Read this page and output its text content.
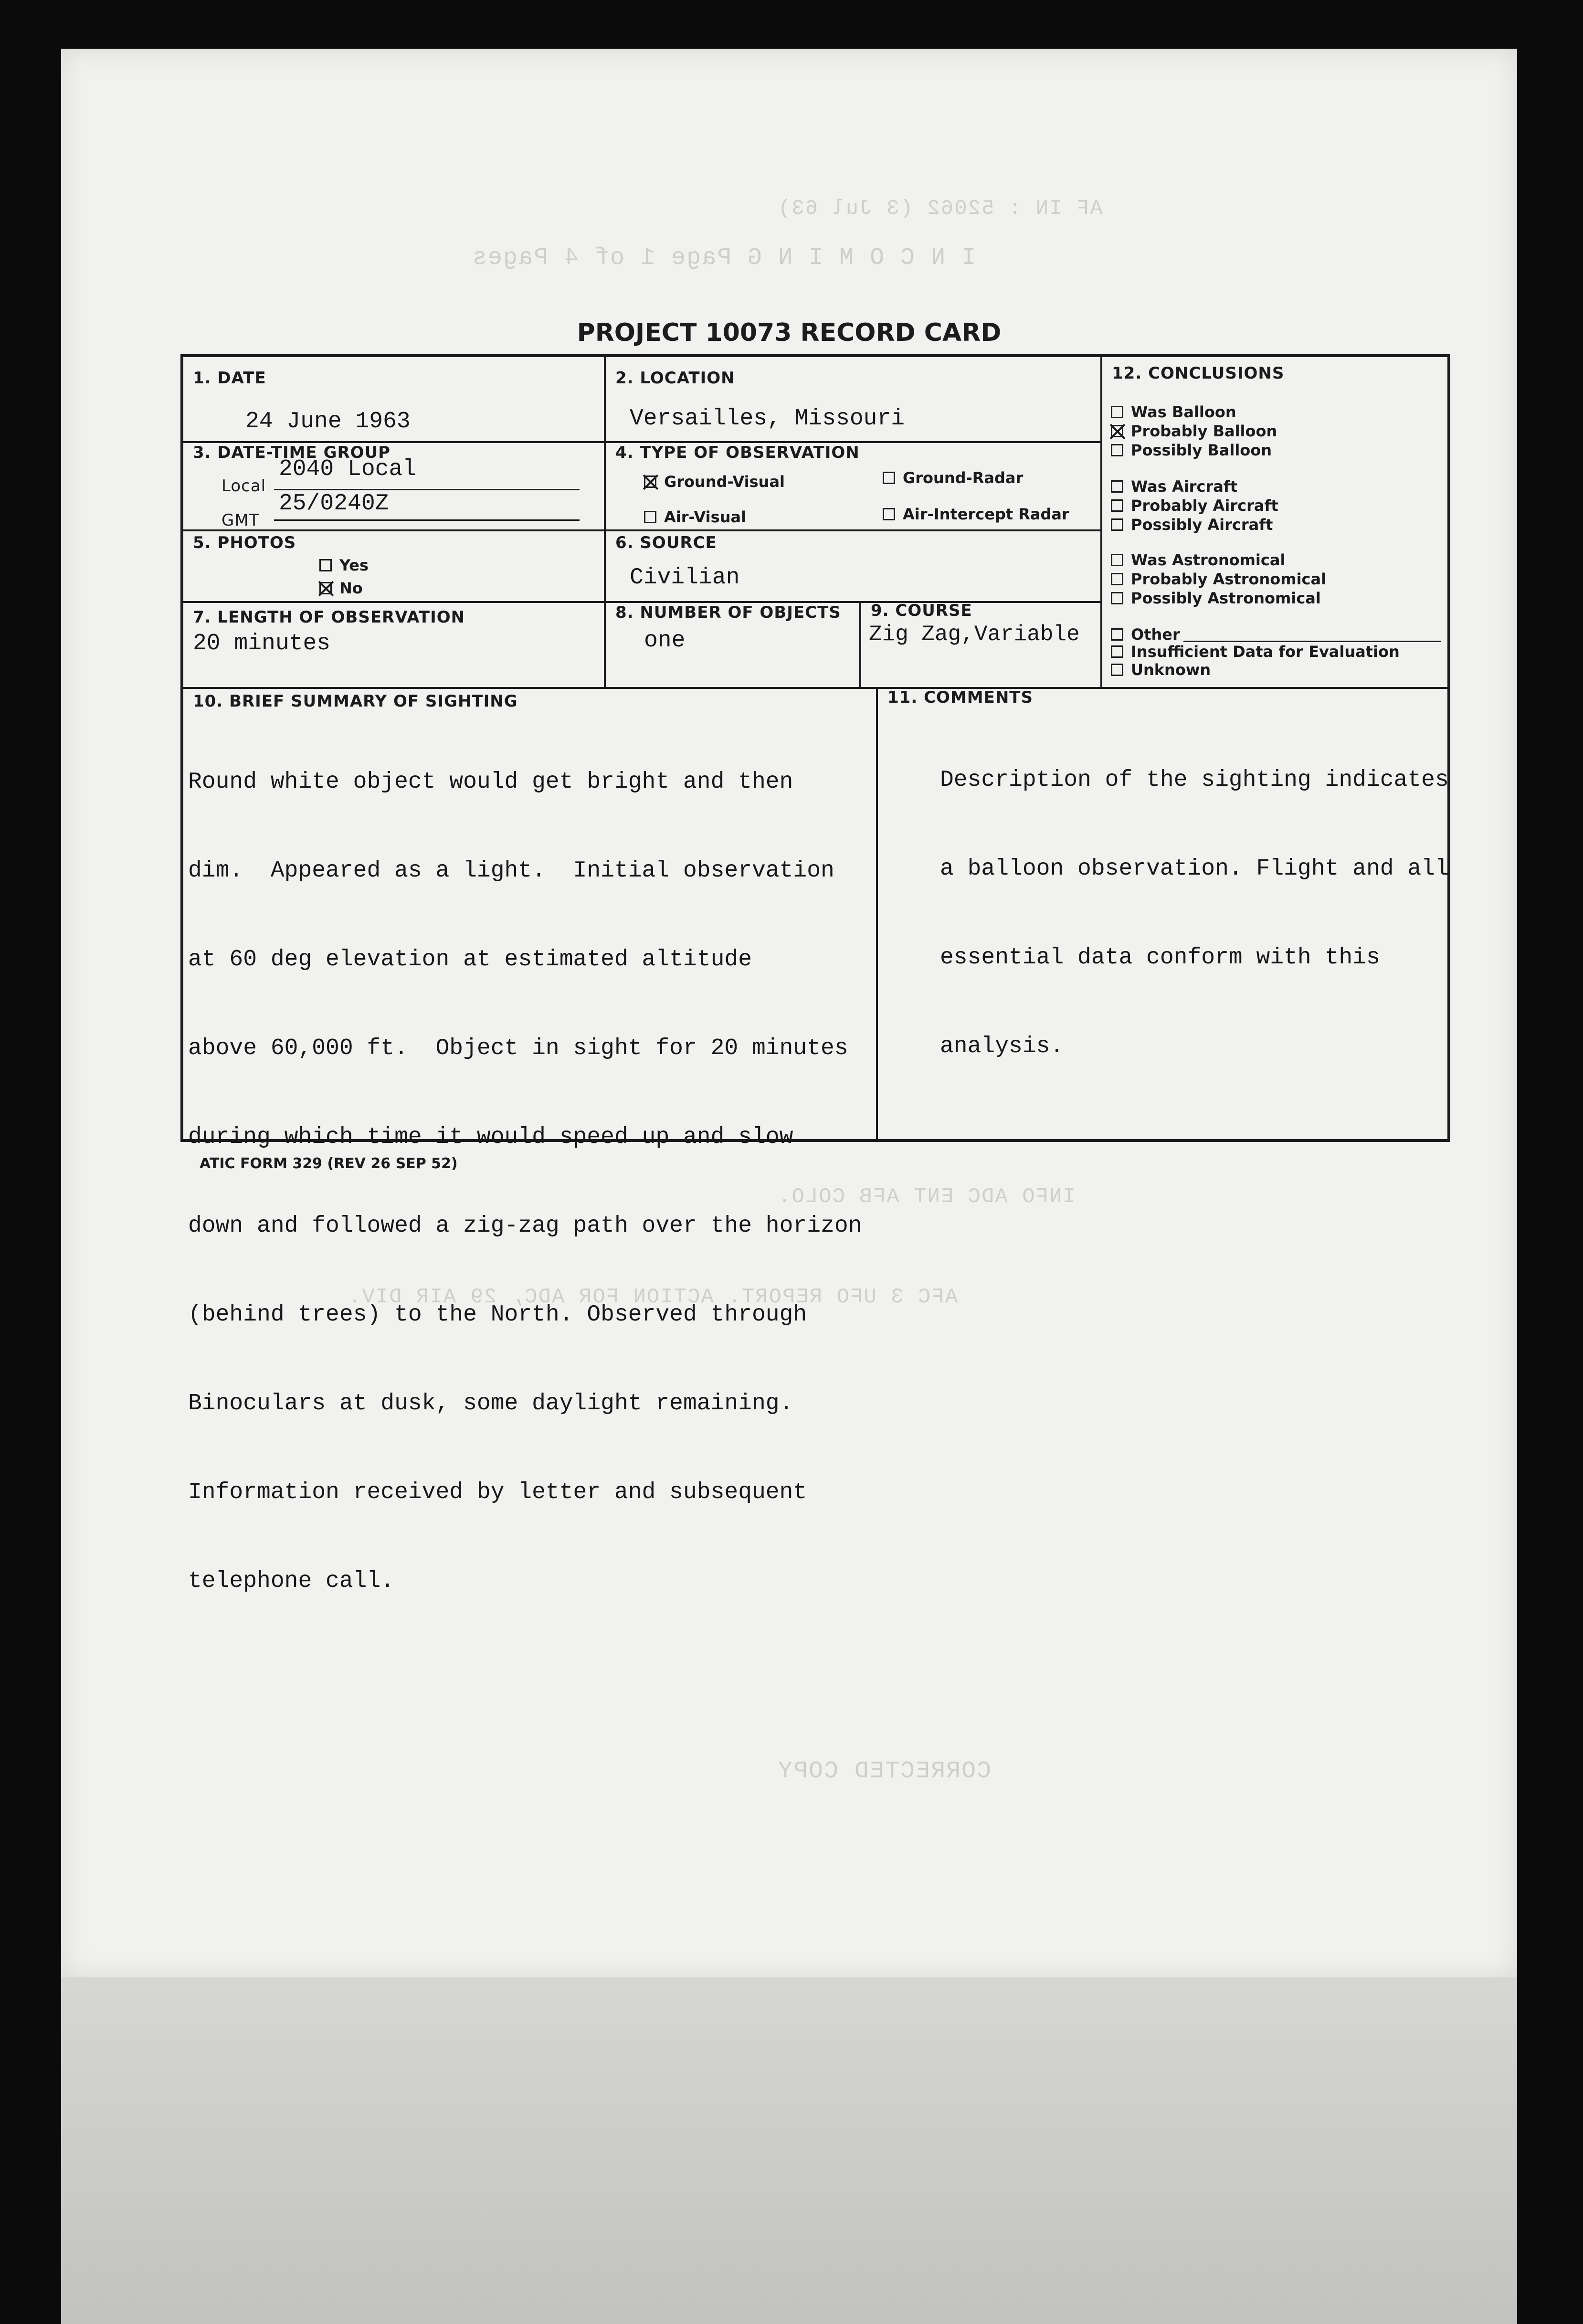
I N C O M I N G Page 1 of 4 Pages
AF IN : 52062 (3 Jul 63)
CORRECTED COPY
INFO ADC ENT AFB COLO.
AFC 3 UFO REPORT. ACTION FOR ADC, 29 AIR DIV.
PROJECT 10073 RECORD CARD
1. DATE
24 June 1963
2. LOCATION
Versailles, Missouri
3. DATE-TIME GROUP
Local
2040 Local
GMT
25/0240Z
4. TYPE OF OBSERVATION
Ground-Visual	Ground-Radar
Air-Visual	Air-Intercept Radar
5. PHOTOS
Yes
No
6. SOURCE
Civilian
7. LENGTH OF OBSERVATION
20 minutes
8. NUMBER OF OBJECTS
one
9. COURSE
Zig Zag,Variable
12. CONCLUSIONS
Was Balloon
Probably Balloon
Possibly Balloon
Was Aircraft
Probably Aircraft
Possibly Aircraft
Was Astronomical
Probably Astronomical
Possibly Astronomical
Other
Insufficient Data for Evaluation
Unknown
10. BRIEF SUMMARY OF SIGHTING

Round white object would get bright and then

dim.  Appeared as a light.  Initial observation

at 60 deg elevation at estimated altitude

above 60,000 ft.  Object in sight for 20 minutes

during which time it would speed up and slow

down and followed a zig-zag path over the horizon

(behind trees) to the North. Observed through

Binoculars at dusk, some daylight remaining.

Information received by letter and subsequent

telephone call.

11. COMMENTS

Description of the sighting indicates

a balloon observation. Flight and all

essential data conform with this

analysis.

ATIC FORM 329 (REV 26 SEP 52)
